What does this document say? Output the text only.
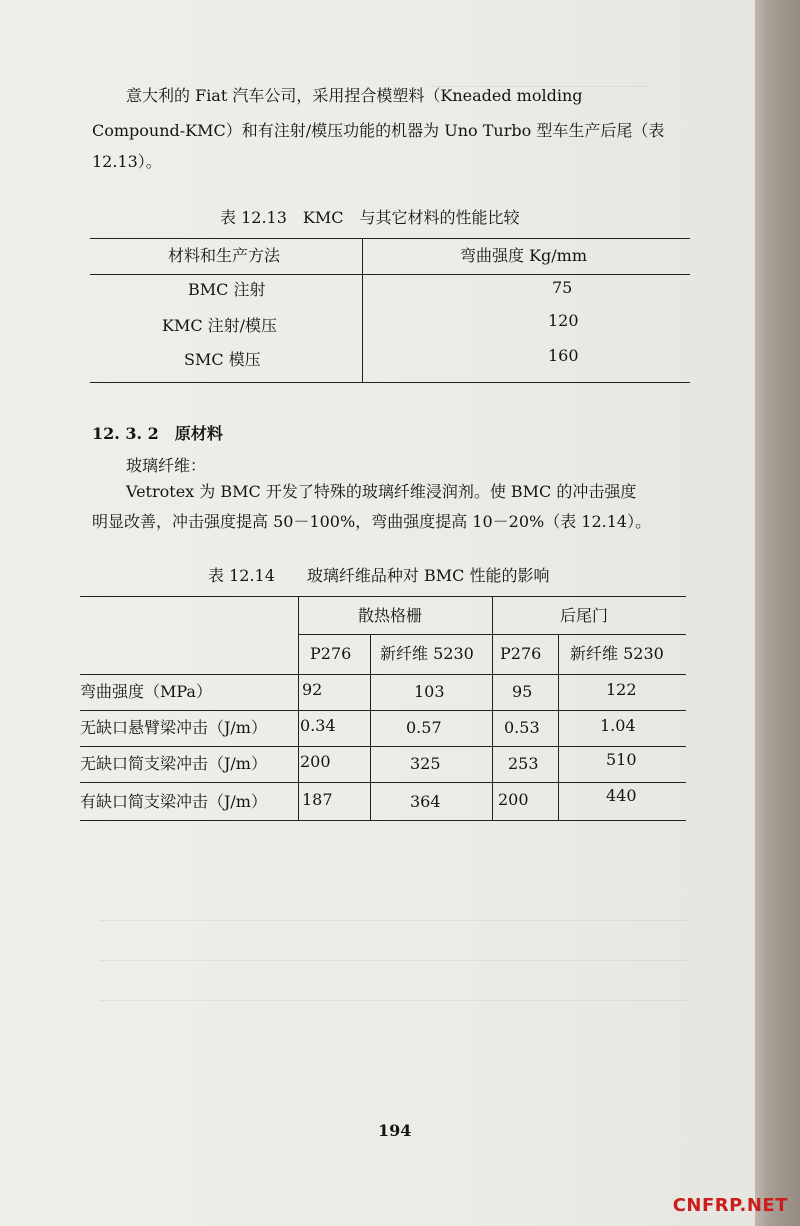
意大利的 Fiat 汽车公司，采用捏合模塑料（Kneaded molding
Compound-KMC）和有注射/模压功能的机器为 Uno Turbo 型车生产后尾（表
12.13）。
表 12.13　KMC　与其它材料的性能比较
材料和生产方法	弯曲强度 Kg/mm
BMC 注射	75
KMC 注射/模压	120
SMC 模压	160
12. 3. 2　原材料
玻璃纤维：
Vetrotex 为 BMC 开发了特殊的玻璃纤维浸润剂。使 BMC 的冲击强度
明显改善，冲击强度提高 50－100%，弯曲强度提高 10－20%（表 12.14）。
表 12.14　　玻璃纤维品种对 BMC 性能的影响
散热格栅	后尾门
P276 新纤维 5230 P276 新纤维 5230
弯曲强度（MPa）	92	103	95	122
无缺口悬臂梁冲击（J/m） 0.34	0.57	0.53	1.04
无缺口简支梁冲击（J/m） 200	325	253	510
有缺口简支梁冲击（J/m） 187	364	200	440
194
CNFRP.NET
